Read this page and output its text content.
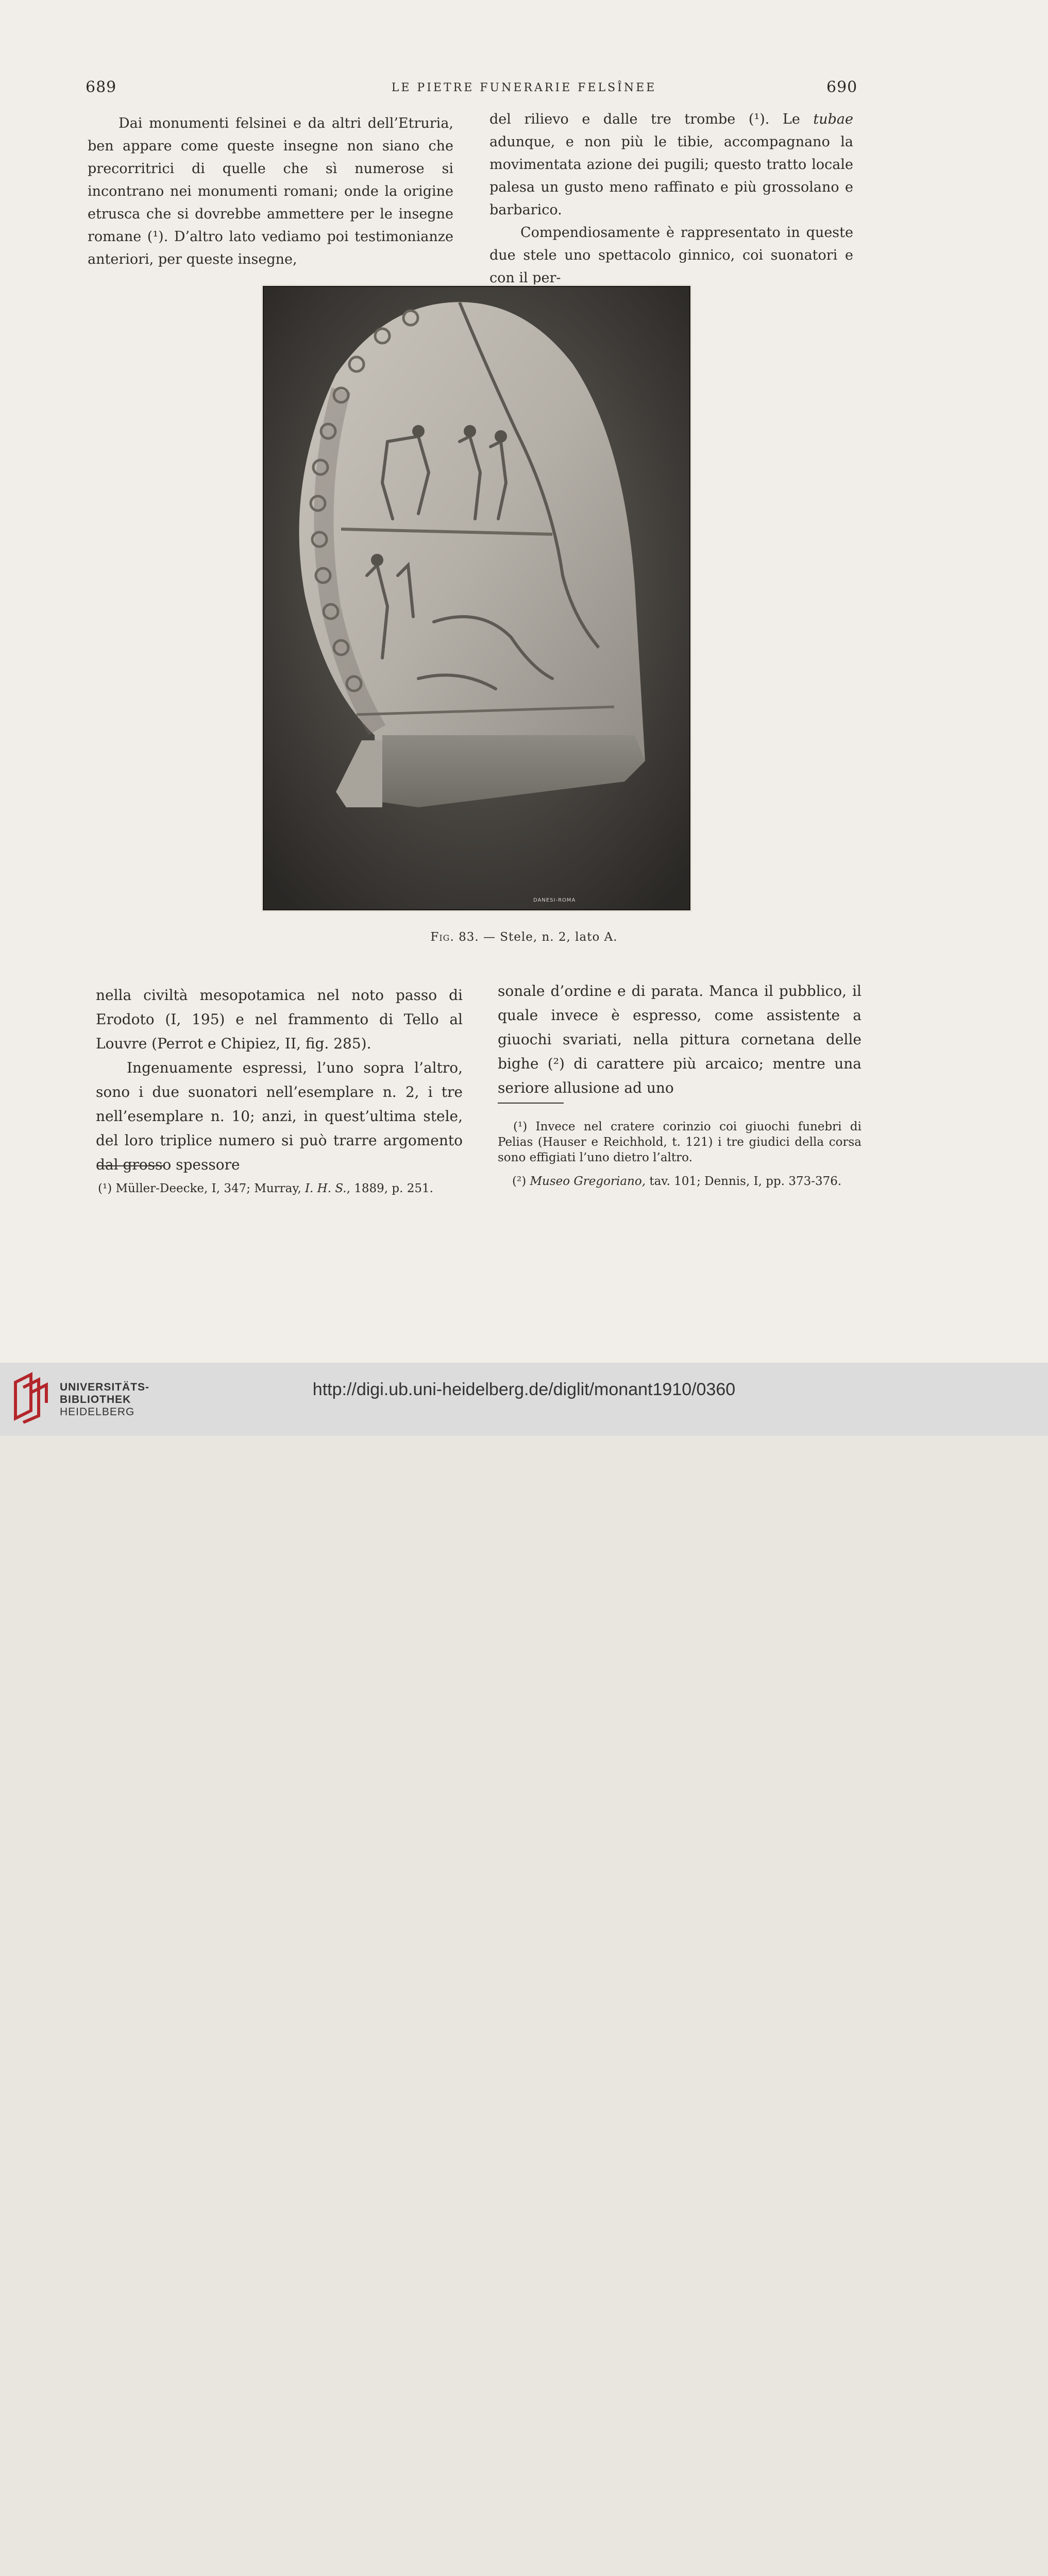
689	LE PIETRE FUNERARIE FELSÎNEE	690

Dai monumenti felsinei e da altri dell’Etruria, ben appare come queste insegne non siano che precorritrici di quelle che sì numerose si incontrano nei monumenti romani; onde la origine etrusca che si dovrebbe ammettere per le insegne romane (¹). D’altro lato vediamo poi testimonianze anteriori, per queste insegne,

del rilievo e dalle tre trombe (¹). Le tubae adunque, e non più le tibie, accompagnano la movimentata azione dei pugili; questo tratto locale palesa un gusto meno raffinato e più grossolano e barbarico.

Compendiosamente è rappresentato in queste due stele uno spettacolo ginnico, coi suonatori e con il per-

DANESI-ROMA
Fig. 83. — Stele, n. 2, lato A.

nella civiltà mesopotamica nel noto passo di Erodoto (I, 195) e nel frammento di Tello al Louvre (Perrot e Chipiez, II, fig. 285).

Ingenuamente espressi, l’uno sopra l’altro, sono i due suonatori nell’esemplare n. 2, i tre nell’esemplare n. 10; anzi, in quest’ultima stele, del loro triplice numero si può trarre argomento dal grosso spessore

sonale d’ordine e di parata. Manca il pubblico, il quale invece è espresso, come assistente a giuochi svariati, nella pittura cornetana delle bighe (²) di carattere più arcaico; mentre una seriore allusione ad uno

(¹) Müller-Deecke, I, 347; Murray, I. H. S., 1889, p. 251.

(¹) Invece nel cratere corinzio coi giuochi funebri di Pelias (Hauser e Reichhold, t. 121) i tre giudici della corsa sono effigiati l’uno dietro l’altro.

(²) Museo Gregoriano, tav. 101; Dennis, I, pp. 373-376.

UNIVERSITÄTS-
BIBLIOTHEK
HEIDELBERG
http://digi.ub.uni-heidelberg.de/diglit/monant1910/0360
